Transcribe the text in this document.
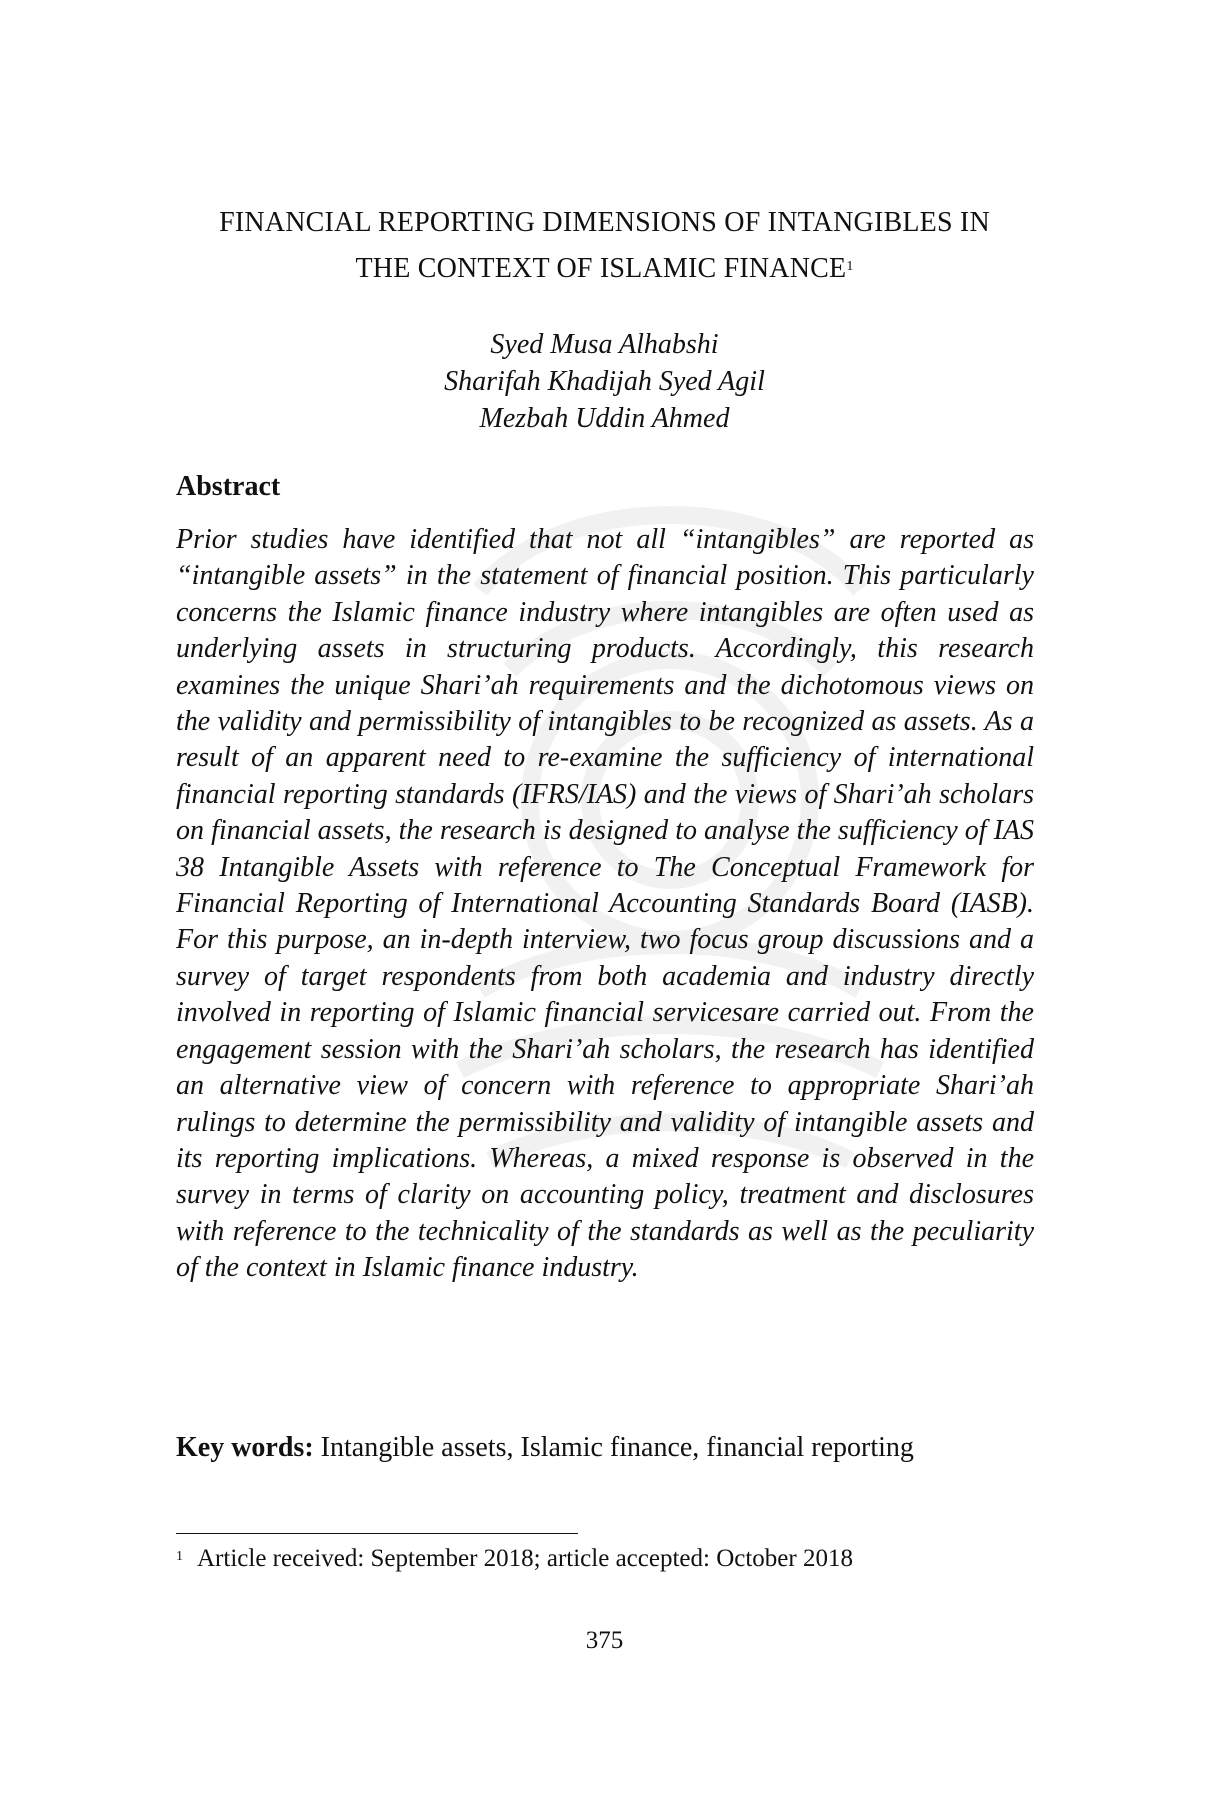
FINANCIAL REPORTING DIMENSIONS OF INTANGIBLES IN
THE CONTEXT OF ISLAMIC FINANCE$^1$
Syed Musa Alhabshi
Sharifah Khadijah Syed Agil
Mezbah Uddin Ahmed
Abstract
Prior studies have identified that not all “intangibles” are reported as “intangible assets” in the statement of financial position. This particularly concerns the Islamic finance industry where intangibles are often used as underlying assets in structuring products. Accordingly, this research examines the unique Shari’ah requirements and the dichotomous views on the validity and permissibility of intangibles to be recognized as assets. As a result of an apparent need to re-examine the sufficiency of international financial reporting standards (IFRS/IAS) and the views of Shari’ah scholars on financial assets, the research is designed to analyse the sufficiency of IAS 38 Intangible Assets with reference to The Conceptual Framework for Financial Reporting of International Accounting Standards Board (IASB). For this purpose, an in-depth interview, two focus group discussions and a survey of target respondents from both academia and industry directly involved in reporting of Islamic financial servicesare carried out. From the engagement session with the Shari’ah scholars, the research has identified an alternative view of concern with reference to appropriate Shari’ah rulings to determine the permissibility and validity of intangible assets and its reporting implications. Whereas, a mixed response is observed in the survey in terms of clarity on accounting policy, treatment and disclosures with reference to the technicality of the standards as well as the peculiarity of the context in Islamic finance industry.
Key words: Intangible assets, Islamic finance, financial reporting
$^1$ Article received: September 2018; article accepted: October 2018
375
